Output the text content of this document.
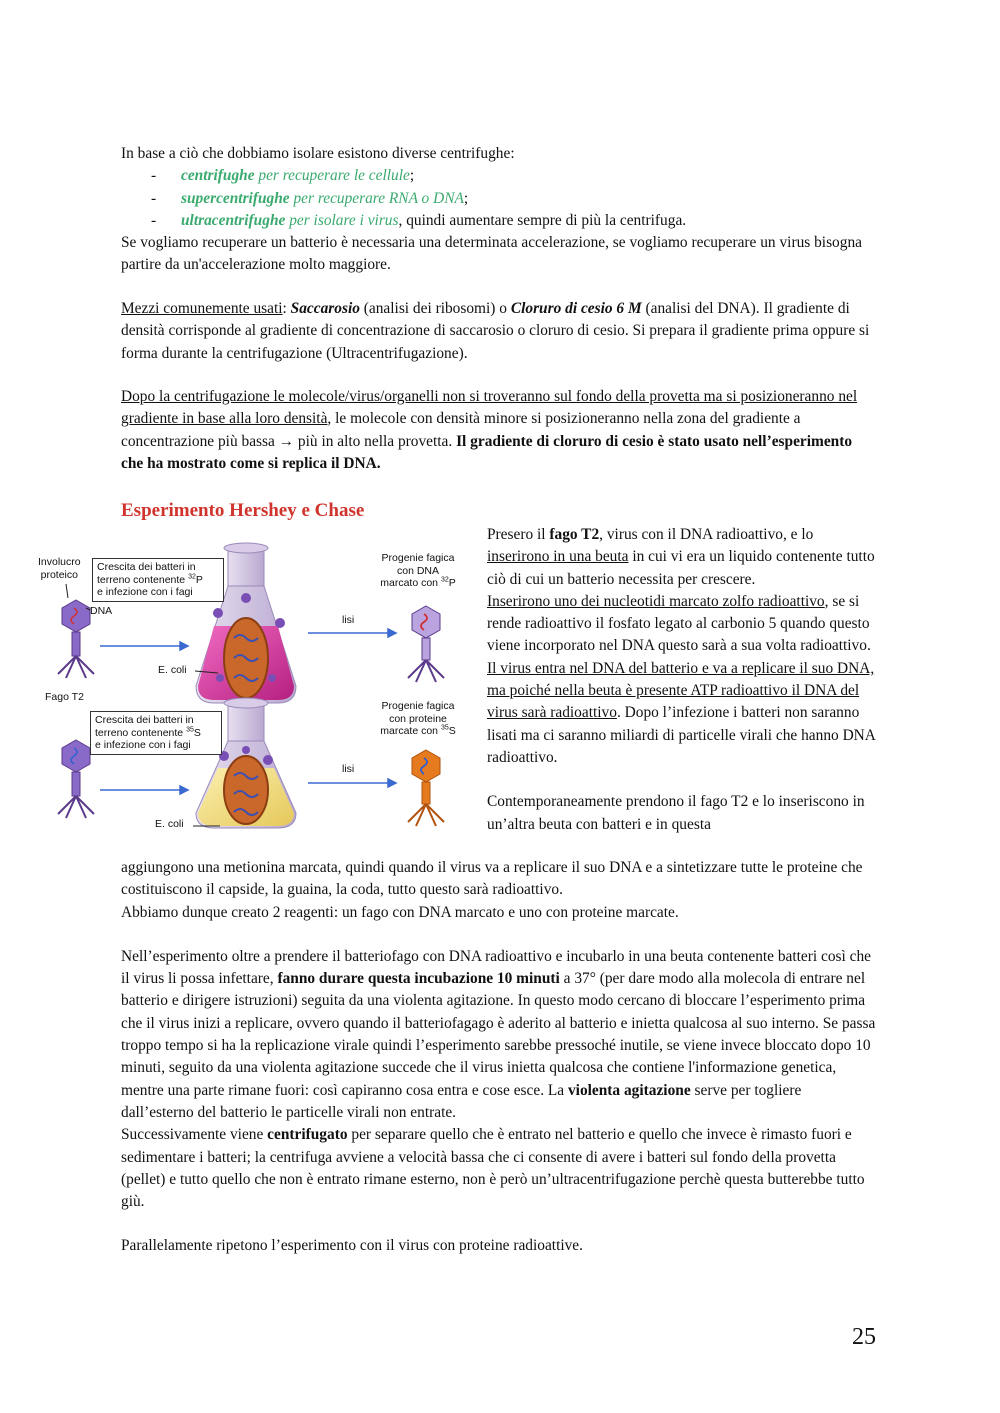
In base a ciò che dobbiamo isolare esistono diverse centrifughe:

- centrifughe per recuperare le cellule;
- supercentrifughe per recuperare RNA o DNA;
- ultracentrifughe per isolare i virus, quindi aumentare sempre di più la centrifuga.

Se vogliamo recuperare un batterio è necessaria una determinata accelerazione, se vogliamo recuperare un virus bisogna partire da un'accelerazione molto maggiore.

Mezzi comunemente usati: Saccarosio (analisi dei ribosomi) o Cloruro di cesio 6 M (analisi del DNA). Il gradiente di densità corrisponde al gradiente di concentrazione di saccarosio o cloruro di cesio. Si prepara il gradiente prima oppure si forma durante la centrifugazione (Ultracentrifugazione).

Dopo la centrifugazione le molecole/virus/organelli non si troveranno sul fondo della provetta ma si posizioneranno nel gradiente in base alla loro densità, le molecole con densità minore si posizioneranno nella zona del gradiente a concentrazione più bassa → più in alto nella provetta. Il gradiente di cloruro di cesio è stato usato nell’esperimento che ha mostrato come si replica il DNA.

Esperimento Hershey e Chase
Involucro
proteico
DNA
Crescita dei batteri in
terreno contenente $^{32}$P
e infezione con i fagi
Progenie fagica
con DNA
marcato con $^{32}$P
lisi
E. coli
Fago T2
Crescita dei batteri in
terreno contenente $^{35}$S
e infezione con i fagi
Progenie fagica
con proteine
marcate con $^{35}$S
lisi
E. coli

Presero il fago T2, virus con il DNA radioattivo, e lo inserirono in una beuta in cui vi era un liquido contenente tutto ciò di cui un batterio necessita per crescere.
Inserirono uno dei nucleotidi marcato zolfo radioattivo, se si rende radioattivo il fosfato legato al carbonio 5 quando questo viene incorporato nel DNA questo sarà a sua volta radioattivo.

Il virus entra nel DNA del batterio e va a replicare il suo DNA, ma poiché nella beuta è presente ATP radioattivo il DNA del virus sarà radioattivo. Dopo l’infezione i batteri non saranno lisati ma ci saranno miliardi di particelle virali che hanno DNA radioattivo.

Contemporaneamente prendono il fago T2 e lo inseriscono in un’altra beuta con batteri e in questa

aggiungono una metionina marcata, quindi quando il virus va a replicare il suo DNA e a sintetizzare tutte le proteine che costituiscono il capside, la guaina, la coda, tutto questo sarà radioattivo.

Abbiamo dunque creato 2 reagenti: un fago con DNA marcato e uno con proteine marcate.

Nell’esperimento oltre a prendere il batteriofago con DNA radioattivo e incubarlo in una beuta contenente batteri così che il virus li possa infettare, fanno durare questa incubazione 10 minuti a 37° (per dare modo alla molecola di entrare nel batterio e dirigere istruzioni) seguita da una violenta agitazione. In questo modo cercano di bloccare l’esperimento prima che il virus inizi a replicare, ovvero quando il batteriofagago è aderito al batterio e inietta qualcosa al suo interno. Se passa troppo tempo si ha la replicazione virale quindi l’esperimento sarebbe pressoché inutile, se viene invece bloccato dopo 10 minuti, seguito da una violenta agitazione succede che il virus inietta qualcosa che contiene l'informazione genetica, mentre una parte rimane fuori: così capiranno cosa entra e cose esce. La violenta agitazione serve per togliere dall’esterno del batterio le particelle virali non entrate.

Successivamente viene centrifugato per separare quello che è entrato nel batterio e quello che invece è rimasto fuori e sedimentare i batteri; la centrifuga avviene a velocità bassa che ci consente di avere i batteri sul fondo della provetta (pellet) e tutto quello che non è entrato rimane esterno, non è però un’ultracentrifugazione perchè questa butterebbe tutto giù.

Parallelamente ripetono l’esperimento con il virus con proteine radioattive.

25
